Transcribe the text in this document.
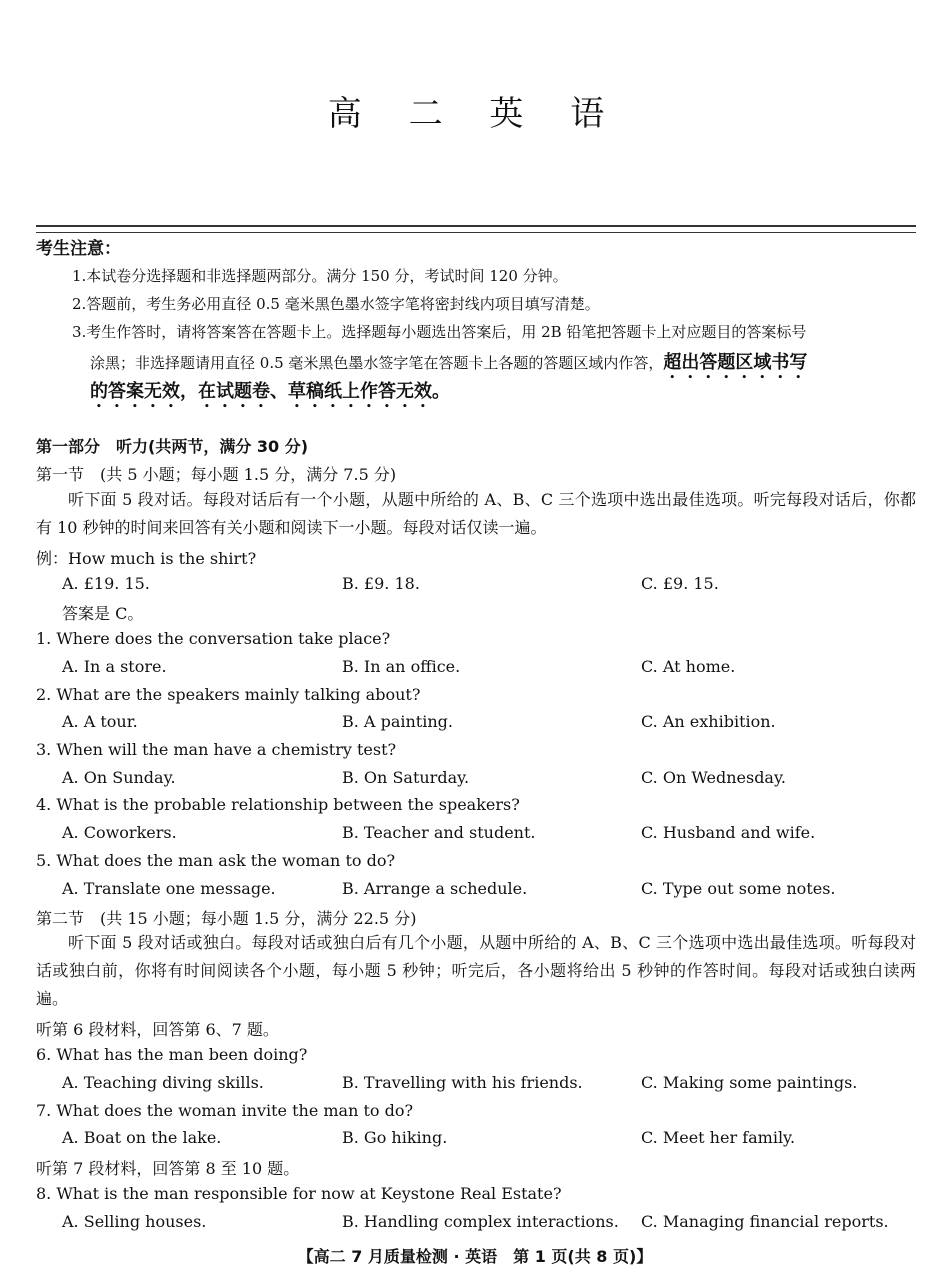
高 二 英 语
考生注意：
1.本试卷分选择题和非选择题两部分。满分 150 分，考试时间 120 分钟。
2.答题前，考生务必用直径 0.5 毫米黑色墨水签字笔将密封线内项目填写清楚。
3.考生作答时，请将答案答在答题卡上。选择题每小题选出答案后，用 2B 铅笔把答题卡上对应题目的答案标号
涂黑；非选择题请用直径 0.5 毫米黑色墨水签字笔在答题卡上各题的答题区域内作答，超出答题区域书写
的答案无效，在试题卷、草稿纸上作答无效。
第一部分　听力(共两节，满分 30 分)
第一节　(共 5 小题；每小题 1.5 分，满分 7.5 分)
听下面 5 段对话。每段对话后有一个小题，从题中所给的 A、B、C 三个选项中选出最佳选项。听完每段对话后，你都有 10 秒钟的时间来回答有关小题和阅读下一小题。每段对话仅读一遍。
例：How much is the shirt?
A. £19. 15.	B. £9. 18.	C. £9. 15.
答案是 C。
1. Where does the conversation take place?
A. In a store.	B. In an office.	C. At home.
2. What are the speakers mainly talking about?
A. A tour.	B. A painting.	C. An exhibition.
3. When will the man have a chemistry test?
A. On Sunday.	B. On Saturday.	C. On Wednesday.
4. What is the probable relationship between the speakers?
A. Coworkers.	B. Teacher and student.	C. Husband and wife.
5. What does the man ask the woman to do?
A. Translate one message.	B. Arrange a schedule.	C. Type out some notes.
第二节　(共 15 小题；每小题 1.5 分，满分 22.5 分)
听下面 5 段对话或独白。每段对话或独白后有几个小题，从题中所给的 A、B、C 三个选项中选出最佳选项。听每段对话或独白前，你将有时间阅读各个小题，每小题 5 秒钟；听完后，各小题将给出 5 秒钟的作答时间。每段对话或独白读两遍。
听第 6 段材料，回答第 6、7 题。
6. What has the man been doing?
A. Teaching diving skills.	B. Travelling with his friends.	C. Making some paintings.
7. What does the woman invite the man to do?
A. Boat on the lake.	B. Go hiking.	C. Meet her family.
听第 7 段材料，回答第 8 至 10 题。
8. What is the man responsible for now at Keystone Real Estate?
A. Selling houses.	B. Handling complex interactions. C. Managing financial reports.
【高二 7 月质量检测 · 英语　第 1 页(共 8 页)】
